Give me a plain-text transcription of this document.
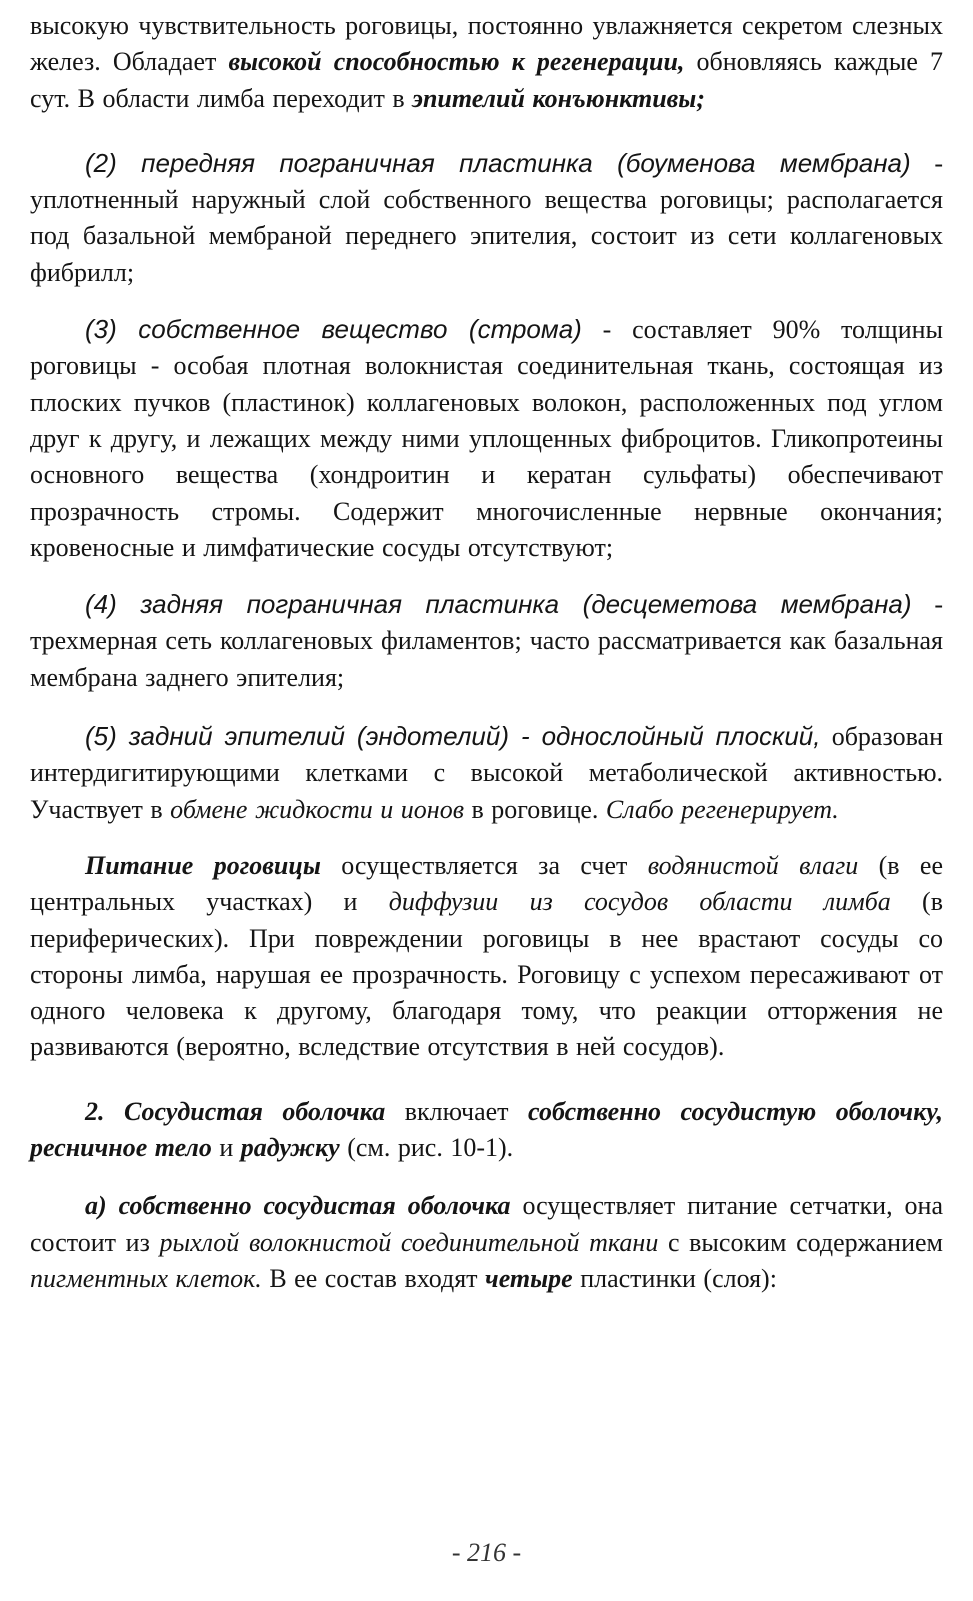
высокую чувствительность роговицы, постоянно увлажняется секретом слезных желез. Обладает высокой способностью к регенерации, обновляясь каждые 7 сут. В области лимба переходит в эпителий конъюнктивы;

(2) передняя пограничная пластинка (боуменова мембрана) - уплотненный наружный слой собственного вещества роговицы; располагается под базальной мембраной переднего эпителия, состоит из сети коллагеновых фибрилл;

(3) собственное вещество (строма) - составляет 90% толщины роговицы - особая плотная волокнистая соединительная ткань, состоящая из плоских пучков (пластинок) коллагеновых волокон, расположенных под углом друг к другу, и лежащих между ними уплощенных фиброцитов. Гликопротеины основного вещества (хондроитин и кератан сульфаты) обеспечивают прозрачность стромы. Содержит многочисленные нервные окончания; кровеносные и лимфатические сосуды отсутствуют;

(4) задняя пограничная пластинка (десцеметова мембрана) - трехмерная сеть коллагеновых филаментов; часто рассматривается как базальная мембрана заднего эпителия;

(5) задний эпителий (эндотелий) - однослойный плоский, образован интердигитирующими клетками с высокой метаболической активностью. Участвует в обмене жидкости и ионов в роговице. Слабо регенерирует.

Питание роговицы осуществляется за счет водянистой влаги (в ее центральных участках) и диффузии из сосудов области лимба (в периферических). При повреждении роговицы в нее врастают сосуды со стороны лимба, нарушая ее прозрачность. Роговицу с успехом пересаживают от одного человека к другому, благодаря тому, что реакции отторжения не развиваются (вероятно, вследствие отсутствия в ней сосудов).

2. Сосудистая оболочка включает собственно сосудистую оболочку, ресничное тело и радужку (см. рис. 10-1).

а) собственно сосудистая оболочка осуществляет питание сетчатки, она состоит из рыхлой волокнистой соединительной ткани с высоким содержанием пигментных клеток. В ее состав входят четыре пластинки (слоя):

- 216 -
